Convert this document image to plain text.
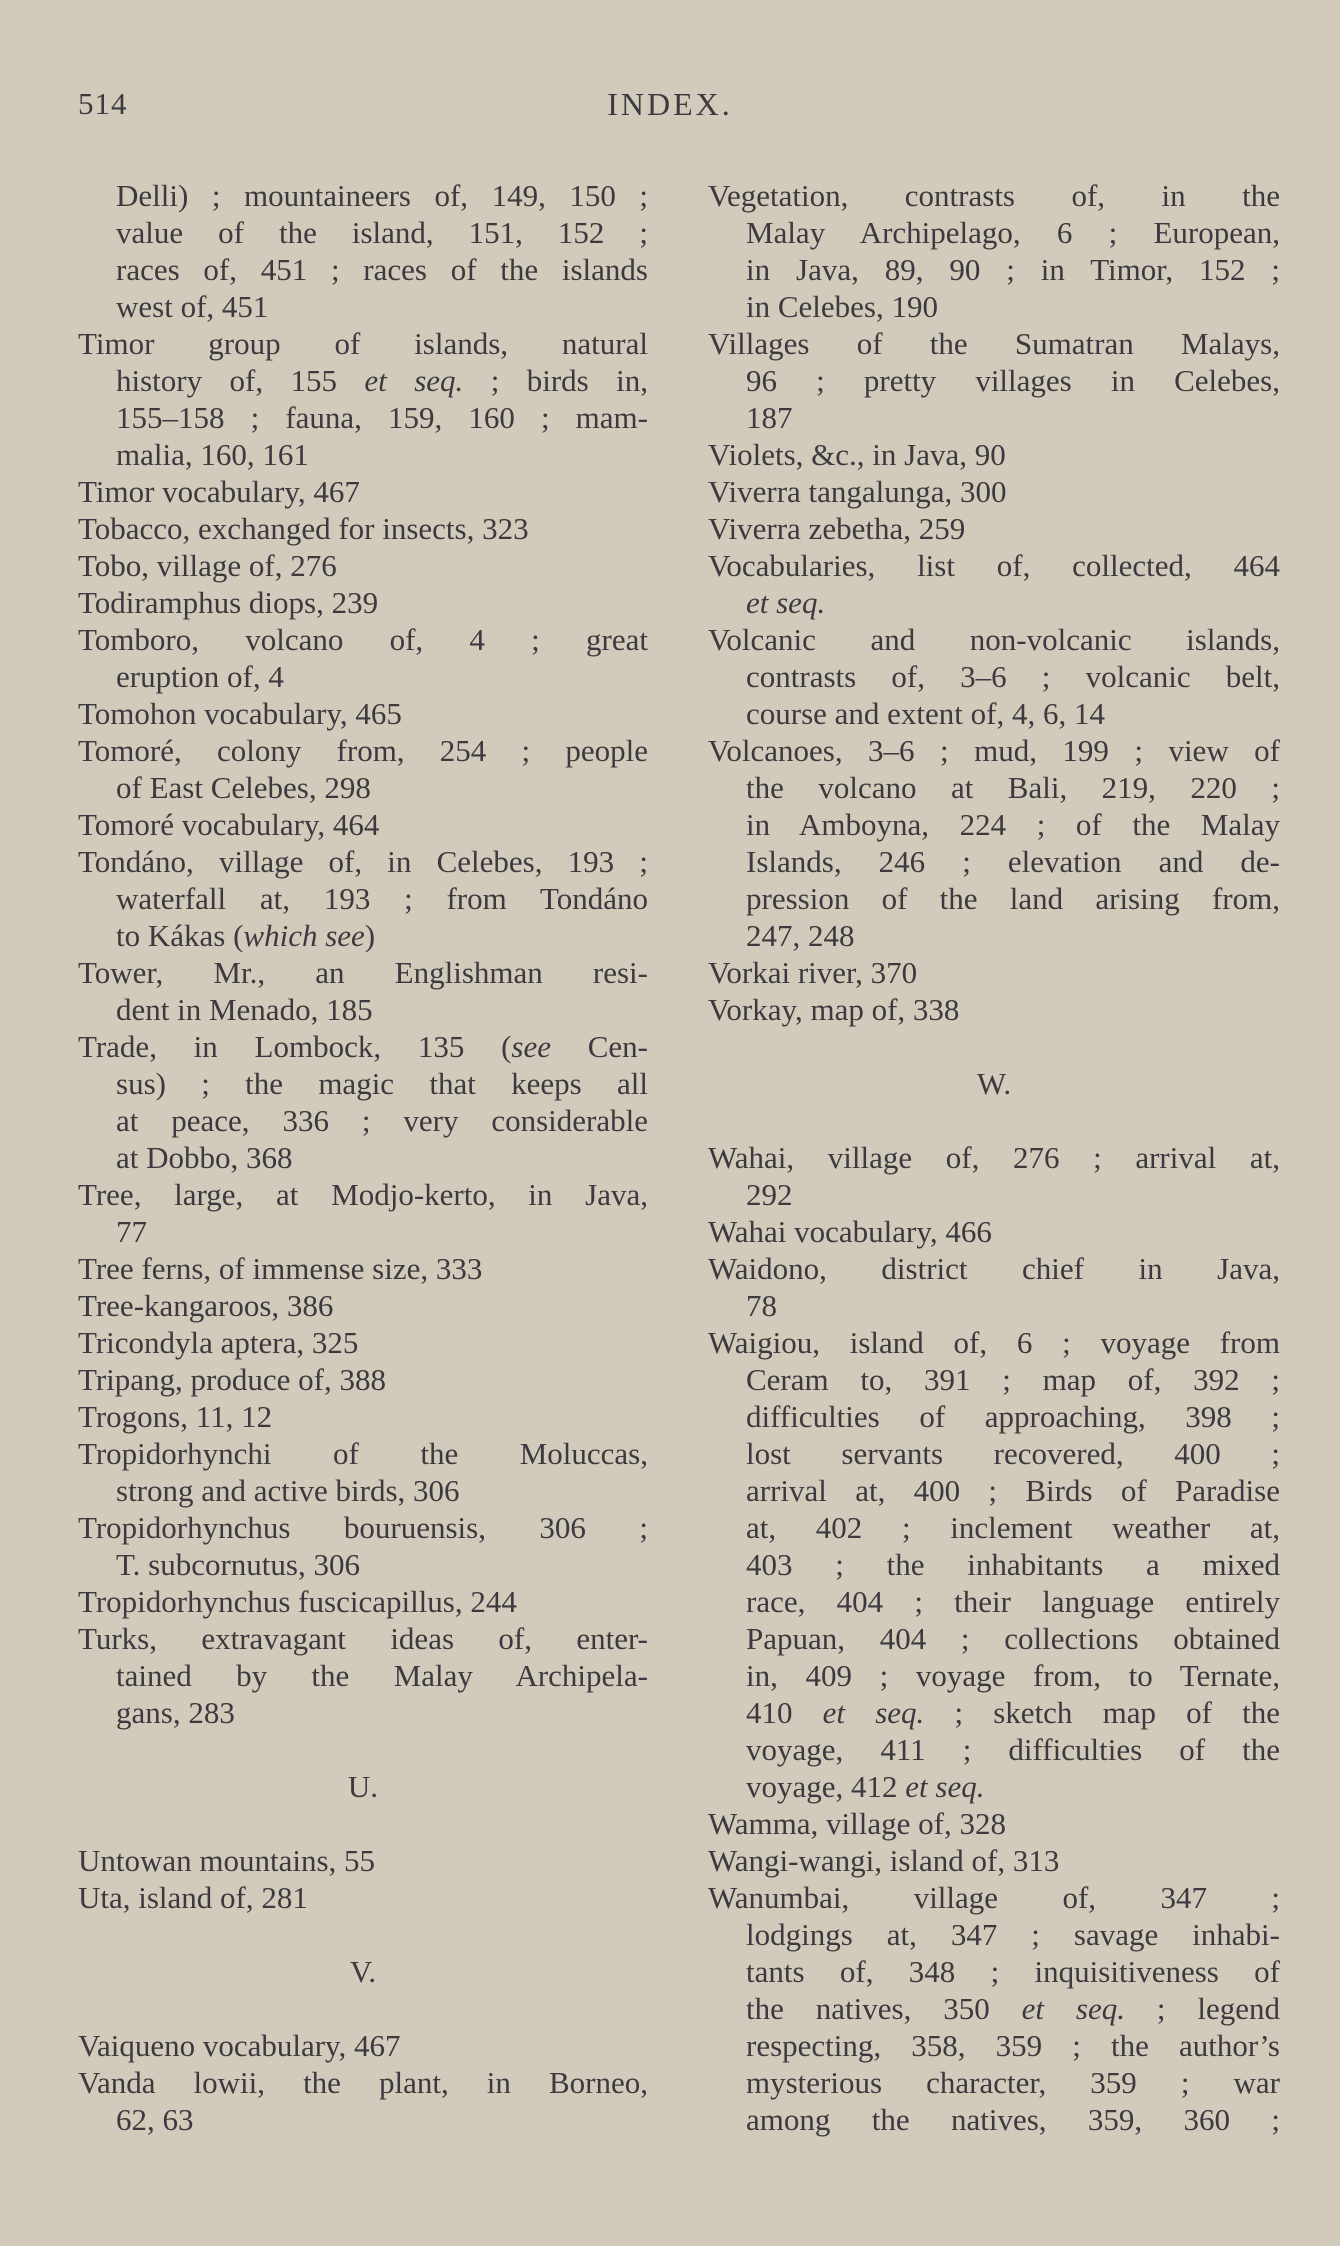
514	INDEX.
Delli) ; mountaineers of, 149, 150 ;
value of the island, 151, 152 ;
races of, 451 ; races of the islands
west of, 451
Timor group of islands, natural
history of, 155 et seq. ; birds in,
155–158 ; fauna, 159, 160 ; mam-
malia, 160, 161
Timor vocabulary, 467
Tobacco, exchanged for insects, 323
Tobo, village of, 276
Todiramphus diops, 239
Tomboro, volcano of, 4 ; great
eruption of, 4
Tomohon vocabulary, 465
Tomoré, colony from, 254 ; people
of East Celebes, 298
Tomoré vocabulary, 464
Tondáno, village of, in Celebes, 193 ;
waterfall at, 193 ; from Tondáno
to Kákas (which see)
Tower, Mr., an Englishman resi-
dent in Menado, 185
Trade, in Lombock, 135 (see Cen-
sus) ; the magic that keeps all
at peace, 336 ; very considerable
at Dobbo, 368
Tree, large, at Modjo-kerto, in Java,
77
Tree ferns, of immense size, 333
Tree-kangaroos, 386
Tricondyla aptera, 325
Tripang, produce of, 388
Trogons, 11, 12
Tropidorhynchi of the Moluccas,
strong and active birds, 306
Tropidorhynchus bouruensis, 306 ;
T. subcornutus, 306
Tropidorhynchus fuscicapillus, 244
Turks, extravagant ideas of, enter-
tained by the Malay Archipela-
gans, 283
U.
Untowan mountains, 55
Uta, island of, 281
V.
Vaiqueno vocabulary, 467
Vanda lowii, the plant, in Borneo,
62, 63
Vegetation, contrasts of, in the
Malay Archipelago, 6 ; European,
in Java, 89, 90 ; in Timor, 152 ;
in Celebes, 190
Villages of the Sumatran Malays,
96 ; pretty villages in Celebes,
187
Violets, &c., in Java, 90
Viverra tangalunga, 300
Viverra zebetha, 259
Vocabularies, list of, collected, 464
et seq.
Volcanic and non-volcanic islands,
contrasts of, 3–6 ; volcanic belt,
course and extent of, 4, 6, 14
Volcanoes, 3–6 ; mud, 199 ; view of
the volcano at Bali, 219, 220 ;
in Amboyna, 224 ; of the Malay
Islands, 246 ; elevation and de-
pression of the land arising from,
247, 248
Vorkai river, 370
Vorkay, map of, 338
W.
Wahai, village of, 276 ; arrival at,
292
Wahai vocabulary, 466
Waidono, district chief in Java,
78
Waigiou, island of, 6 ; voyage from
Ceram to, 391 ; map of, 392 ;
difficulties of approaching, 398 ;
lost servants recovered, 400 ;
arrival at, 400 ; Birds of Paradise
at, 402 ; inclement weather at,
403 ; the inhabitants a mixed
race, 404 ; their language entirely
Papuan, 404 ; collections obtained
in, 409 ; voyage from, to Ternate,
410 et seq. ; sketch map of the
voyage, 411 ; difficulties of the
voyage, 412 et seq.
Wamma, village of, 328
Wangi-wangi, island of, 313
Wanumbai, village of, 347 ;
lodgings at, 347 ; savage inhabi-
tants of, 348 ; inquisitiveness of
the natives, 350 et seq. ; legend
respecting, 358, 359 ; the author’s
mysterious character, 359 ; war
among the natives, 359, 360 ;
